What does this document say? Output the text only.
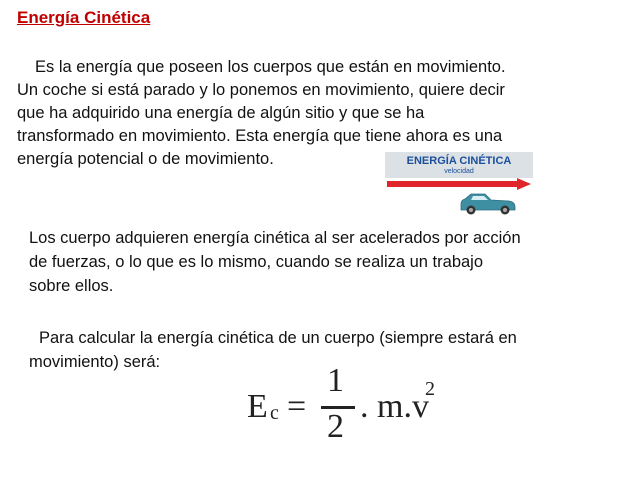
Energía Cinética
Es la energía que poseen los cuerpos que están en movimiento.
Un coche si está parado y lo ponemos en movimiento, quiere decir
que ha adquirido una energía de algún sitio y que se ha
transformado en movimiento. Esta energía que tiene ahora es una
energía potencial o de movimiento.	ENERGÍA CINÉTICA
velocidad
Los cuerpo adquieren energía cinética al ser acelerados por acción
de fuerzas, o lo que es lo mismo, cuando se realiza un trabajo
sobre ellos.
Para calcular la energía cinética de un cuerpo (siempre estará en
movimiento) será:
E c =
1
2
. m.v
2
